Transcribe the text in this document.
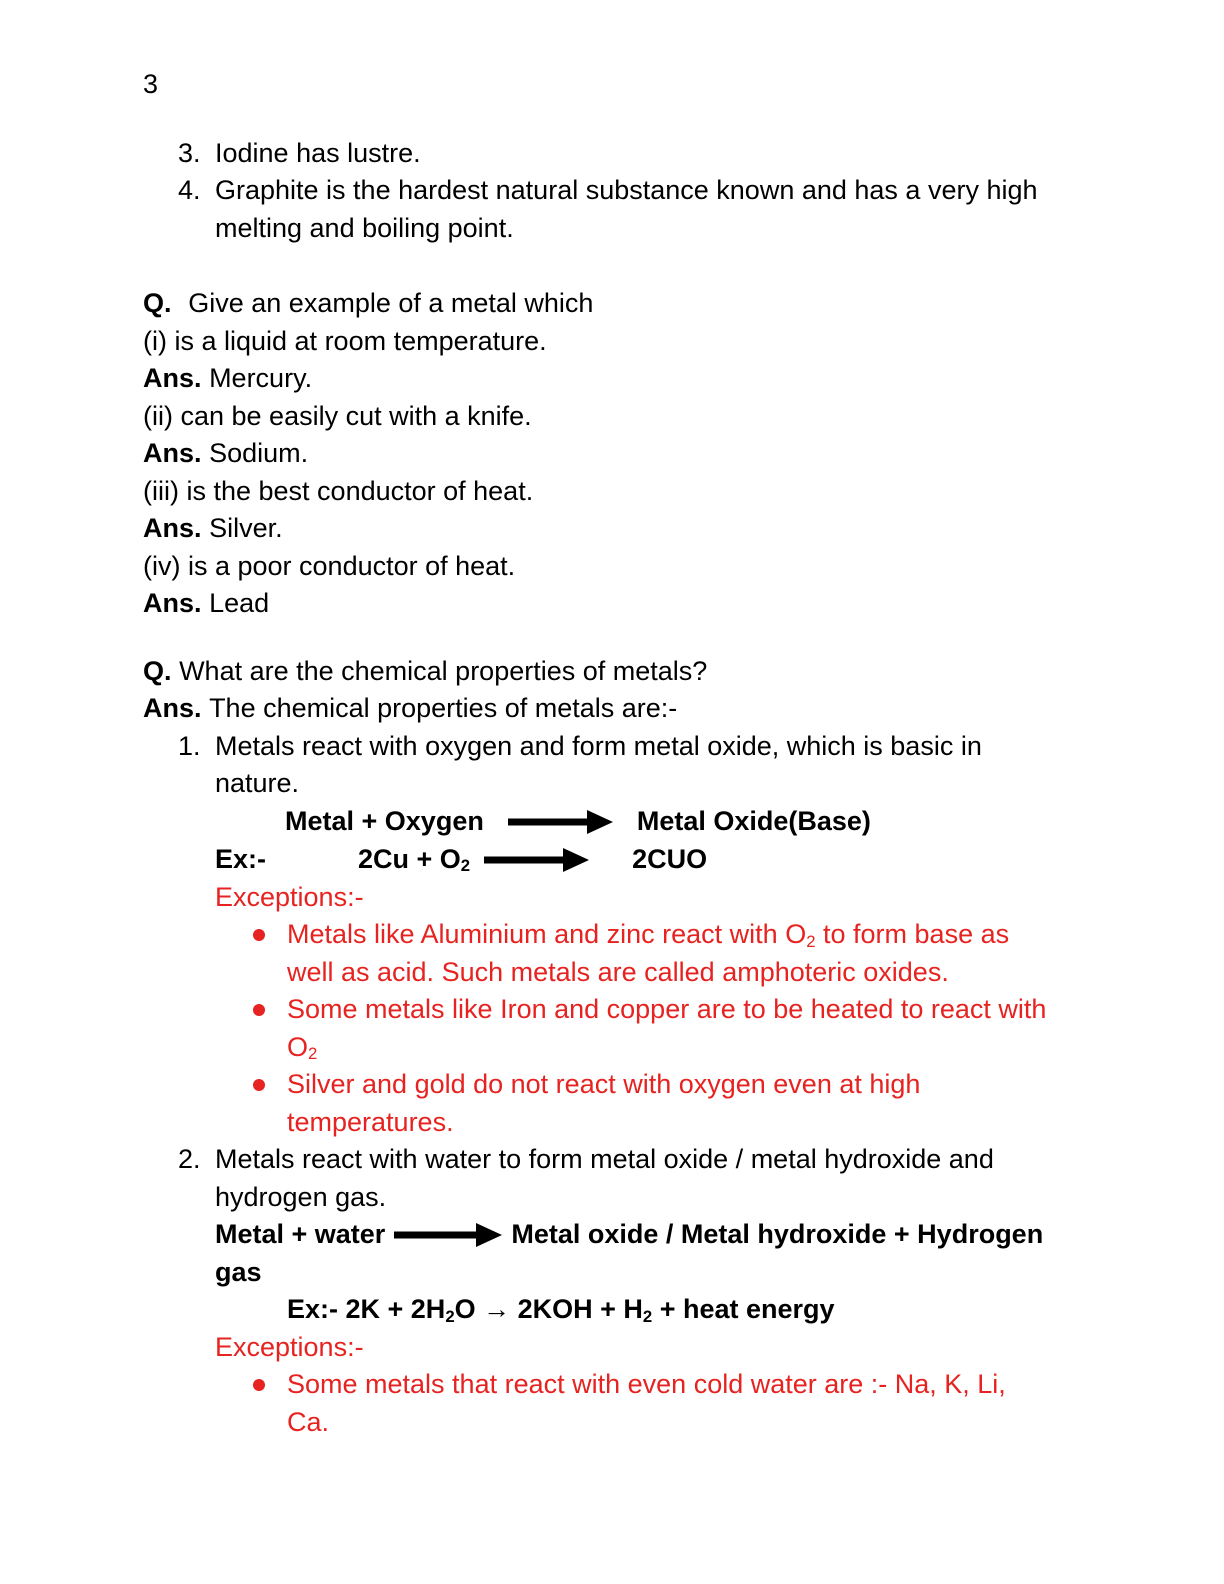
3
3. Iodine has lustre.
4. Graphite is the hardest natural substance known and has a very high melting and boiling point.

Q. Give an example of a metal which

(i) is a liquid at room temperature.

Ans. Mercury.

(ii) can be easily cut with a knife.

Ans. Sodium.

(iii) is the best conductor of heat.

Ans. Silver.

(iv) is a poor conductor of heat.

Ans. Lead

Q. What are the chemical properties of metals?

Ans. The chemical properties of metals are:-

1. Metals react with oxygen and form metal oxide, which is basic in nature.
Metal + Oxygen → Metal Oxide(Base)
Ex:-	$2Cu + O_2 \to 2CUO$

Exceptions:-

Metals like Aluminium and zinc react with $O_2$ to form base as well as acid. Such metals are called amphoteric oxides.
Some metals like Iron and copper are to be heated to react with $O_2$
Silver and gold do not react with oxygen even at high temperatures.
2. Metals react with water to form metal oxide / metal hydroxide and hydrogen gas.
Metal + water → Metal oxide / Metal hydroxide + Hydrogen gas

Ex:- $2K + 2H_2O \to 2KOH + H_2$ + heat energy

Exceptions:-

Some metals that react with even cold water are :- Na, K, Li, Ca.
